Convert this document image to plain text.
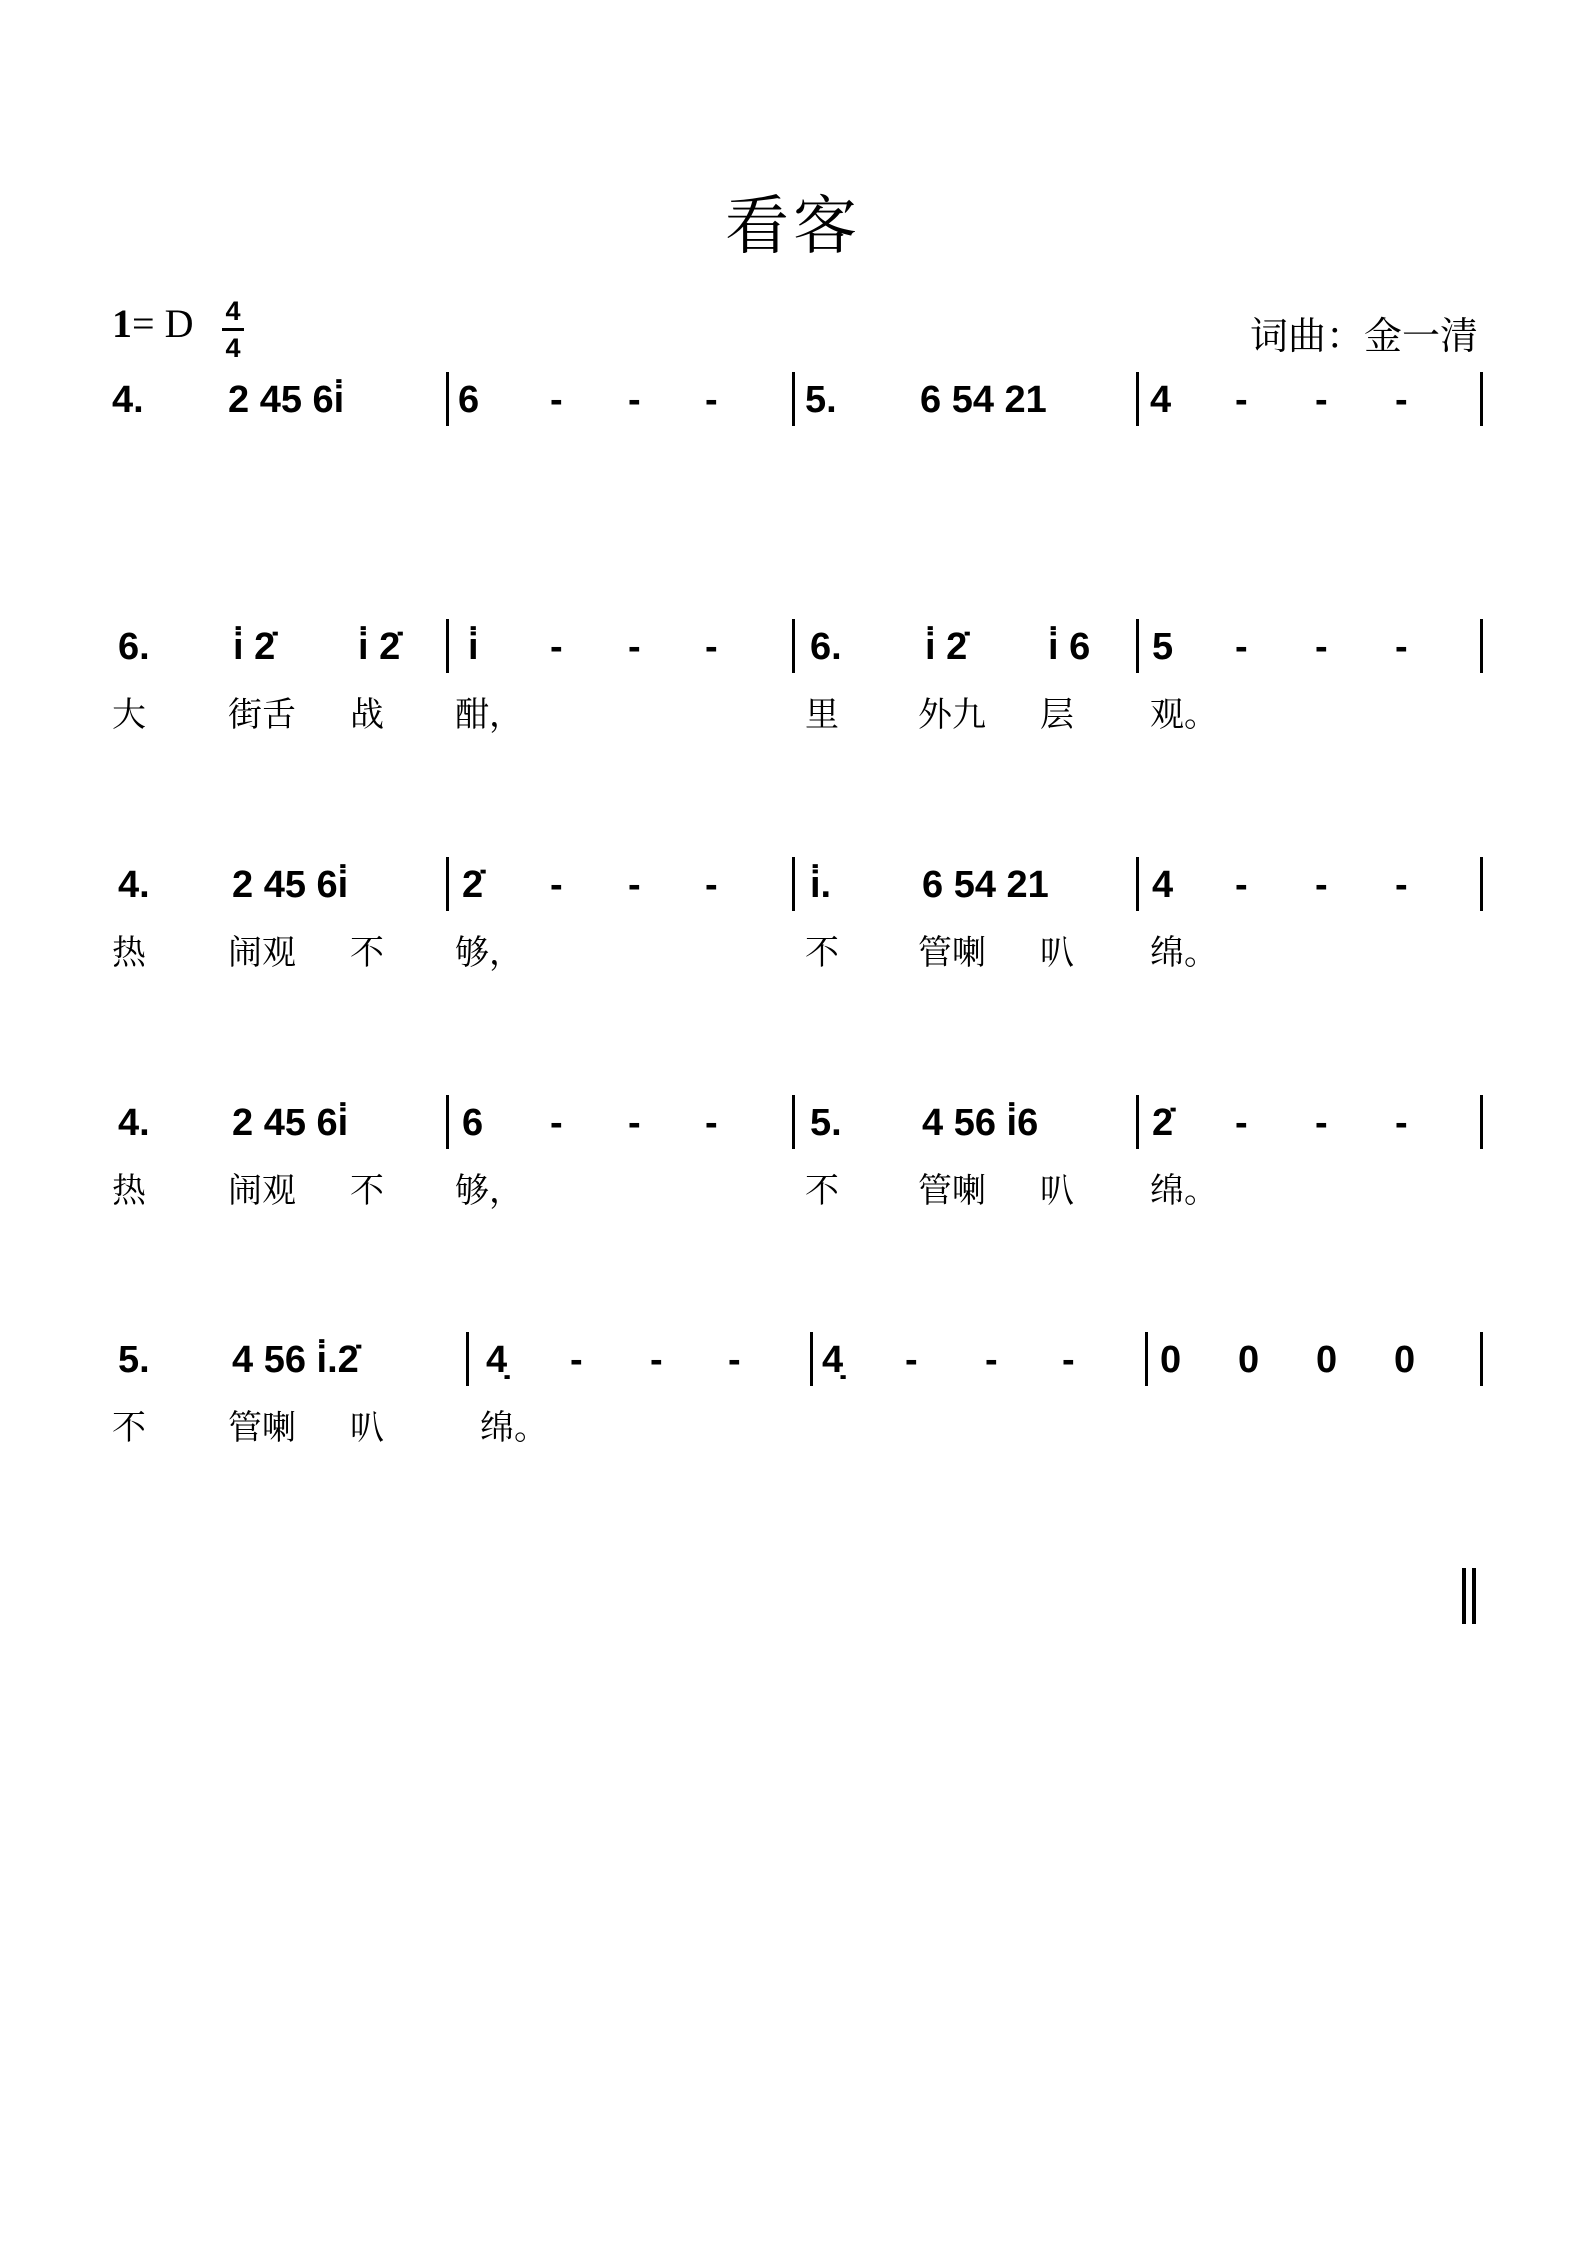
看客
1= D 4
4	词曲：金一清
4. 2 45 6i̇	6 - - - 5. 6 54 21	4 - - -
6. i̇ 2̇ i̇ 2̇ i̇ - - - 6. i̇ 2̇ i̇ 6 5 - - -
大 街舌 战 酣，	里 外九 层 观。
4. 2 45 6i̇	2̇ - - - i̇. 6 54 21	4 - - -
热 闹观 不 够，	不 管喇 叭 绵。
4. 2 45 6i̇	6 - - - 5. 4 56 i̇6	2̇ - - -
热 闹观 不 够，	不 管喇 叭 绵。
5. 4 56 i̇.2̇	4̣ - - - 4̣ - - - 0 0 0 0
不 管喇 叭	绵。
